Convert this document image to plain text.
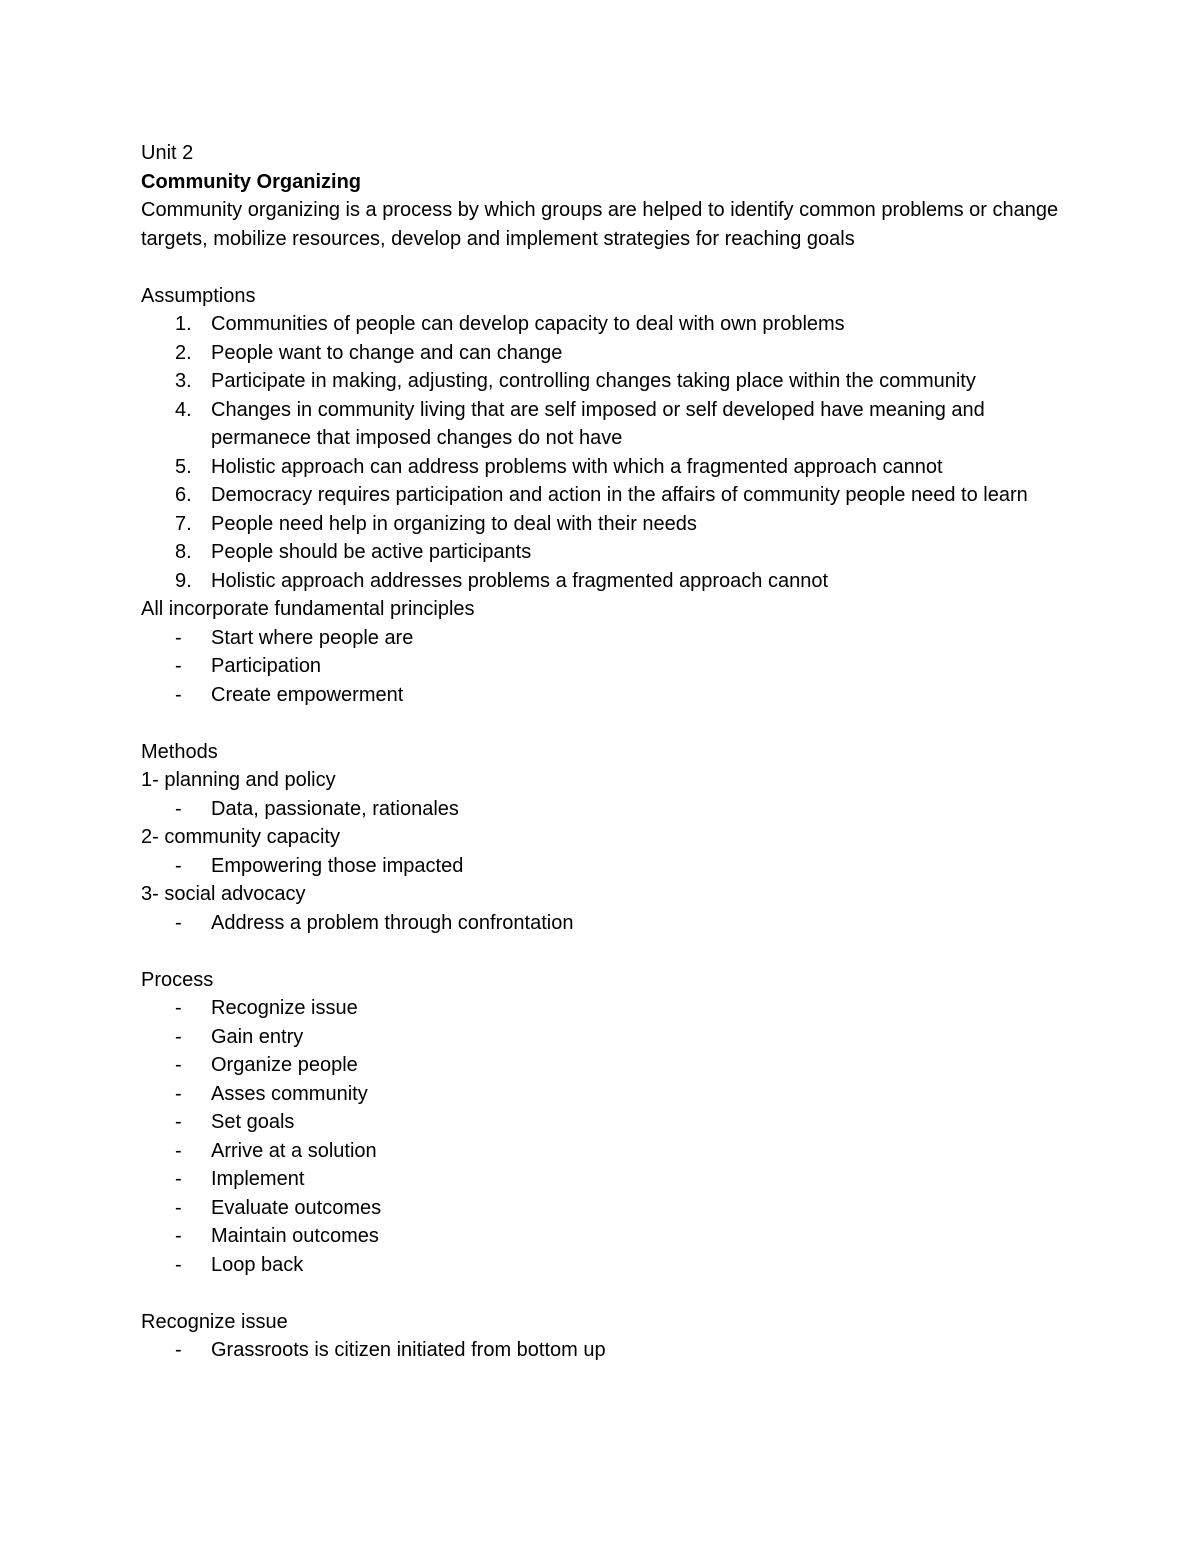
Unit 2

Community Organizing

Community organizing is a process by which groups are helped to identify common problems or change targets, mobilize resources, develop and implement strategies for reaching goals

Assumptions

1. Communities of people can develop capacity to deal with own problems
2. People want to change and can change
3. Participate in making, adjusting, controlling changes taking place within the community
4. Changes in community living that are self imposed or self developed have meaning and permanece that imposed changes do not have
5. Holistic approach can address problems with which a fragmented approach cannot
6. Democracy requires participation and action in the affairs of community people need to learn
7. People need help in organizing to deal with their needs
8. People should be active participants
9. Holistic approach addresses problems a fragmented approach cannot

All incorporate fundamental principles

- Start where people are
- Participation
- Create empowerment

Methods

1- planning and policy

- Data, passionate, rationales

2- community capacity

- Empowering those impacted

3- social advocacy

- Address a problem through confrontation

Process

- Recognize issue
- Gain entry
- Organize people
- Asses community
- Set goals
- Arrive at a solution
- Implement
- Evaluate outcomes
- Maintain outcomes
- Loop back

Recognize issue

- Grassroots is citizen initiated from bottom up
